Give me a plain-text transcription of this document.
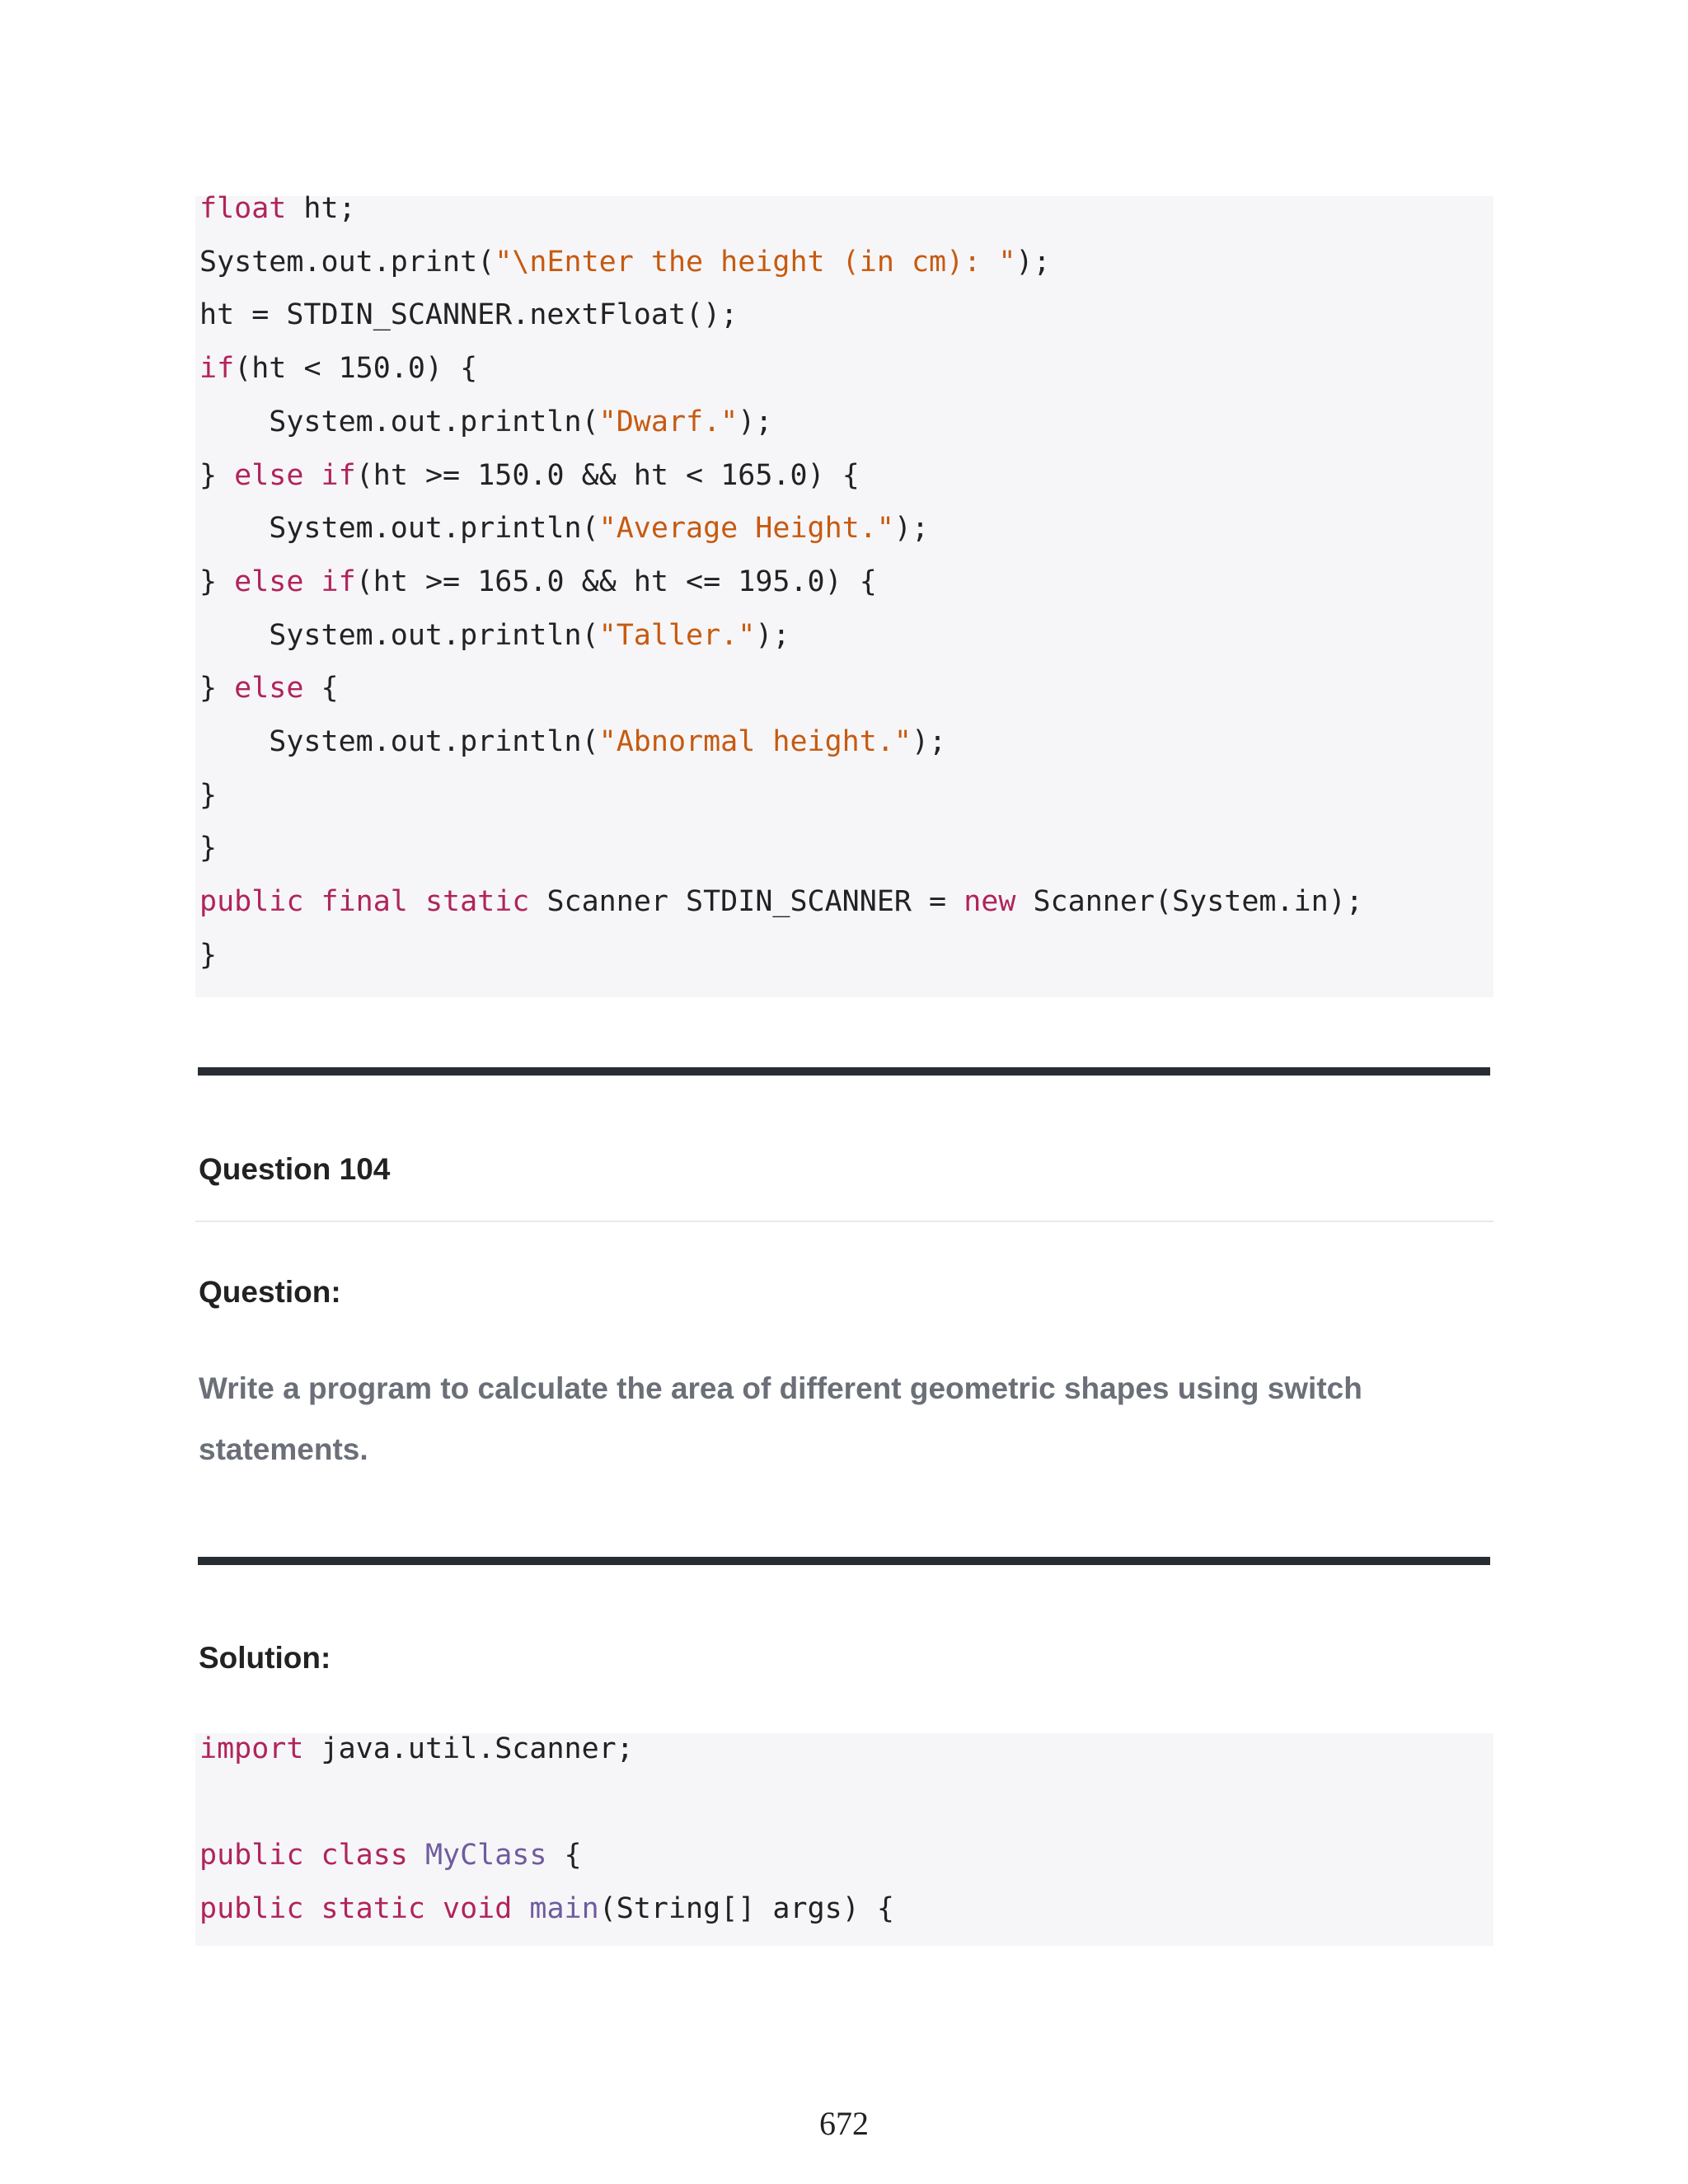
float ht;
System.out.print("\nEnter the height (in cm): ");
ht = STDIN_SCANNER.nextFloat();
if(ht < 150.0) {
System.out.println("Dwarf.");
} else if(ht >= 150.0 && ht < 165.0) {
System.out.println("Average Height.");
} else if(ht >= 165.0 && ht <= 195.0) {
System.out.println("Taller.");
} else {
System.out.println("Abnormal height.");
}
}
public final static Scanner STDIN_SCANNER = new Scanner(System.in);
}
Question 104
Question:
Write a program to calculate the area of different geometric shapes using switch statements.
Solution:
import java.util.Scanner;
public class MyClass {
public static void main(String[] args) {
672
